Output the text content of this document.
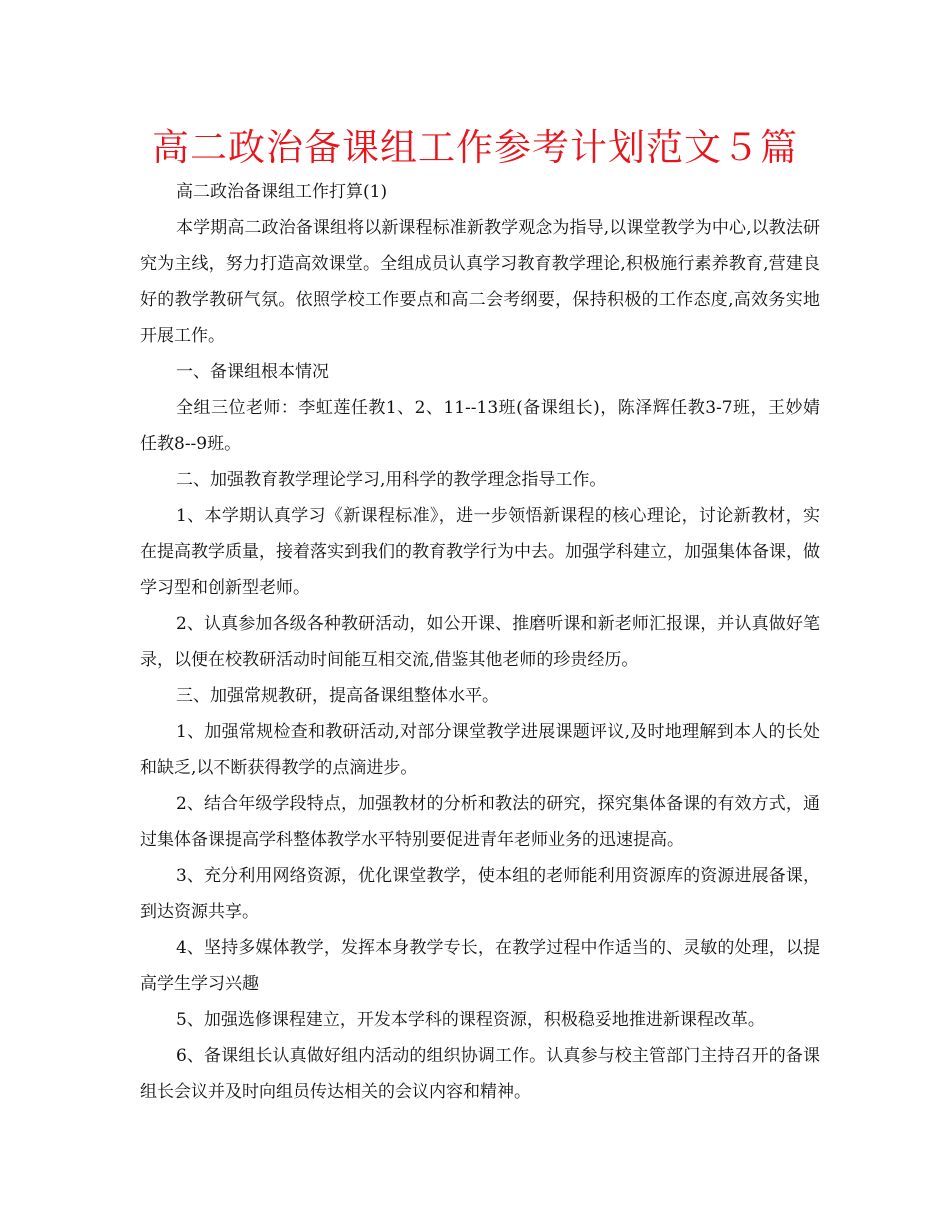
高二政治备课组工作参考计划范文５篇

高二政治备课组工作打算(1)

本学期高二政治备课组将以新课程标准新教学观念为指导,以课堂教学为中心,以教法研究为主线，努力打造高效课堂。全组成员认真学习教育教学理论,积极施行素养教育,营建良好的教学教研气氛。依照学校工作要点和高二会考纲要，保持积极的工作态度,高效务实地开展工作。

一、备课组根本情况

全组三位老师：李虹莲任教1、2、11--13班(备课组长)，陈泽辉任教3-7班，王妙婧任教8--9班。

二、加强教育教学理论学习,用科学的教学理念指导工作。

1、本学期认真学习《新课程标准》，进一步领悟新课程的核心理论，讨论新教材，实在提高教学质量，接着落实到我们的教育教学行为中去。加强学科建立，加强集体备课，做学习型和创新型老师。

2、认真参加各级各种教研活动，如公开课、推磨听课和新老师汇报课，并认真做好笔录，以便在校教研活动时间能互相交流,借鉴其他老师的珍贵经历。

三、加强常规教研，提高备课组整体水平。

1、加强常规检查和教研活动,对部分课堂教学进展课题评议,及时地理解到本人的长处和缺乏,以不断获得教学的点滴进步。

2、结合年级学段特点，加强教材的分析和教法的研究，探究集体备课的有效方式，通过集体备课提高学科整体教学水平特别要促进青年老师业务的迅速提高。

3、充分利用网络资源，优化课堂教学，使本组的老师能利用资源库的资源进展备课，到达资源共享。

4、坚持多媒体教学，发挥本身教学专长，在教学过程中作适当的、灵敏的处理，以提高学生学习兴趣

5、加强选修课程建立，开发本学科的课程资源，积极稳妥地推进新课程改革。

6、备课组长认真做好组内活动的组织协调工作。认真参与校主管部门主持召开的备课组长会议并及时向组员传达相关的会议内容和精神。
